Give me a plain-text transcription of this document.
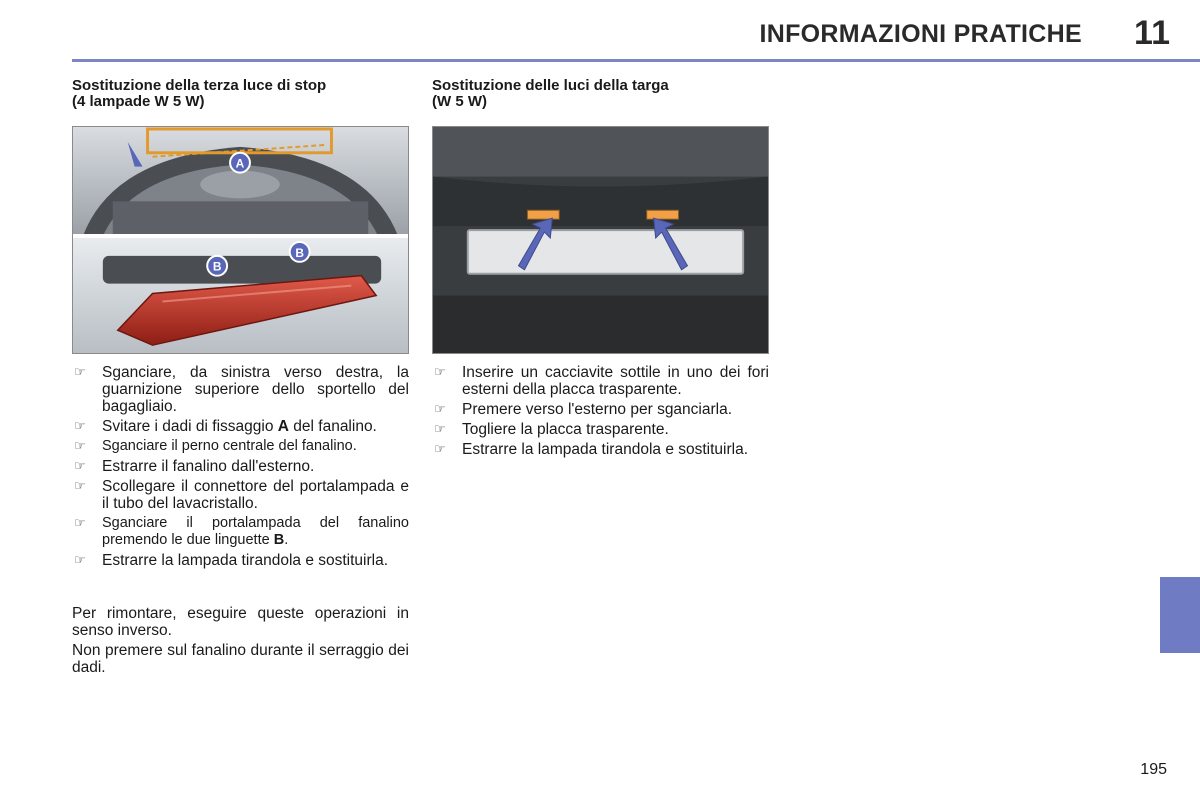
INFORMAZIONI PRATICHE 11

Sostituzione della terza luce di stop
(4 lampade W 5 W)

Sostituzione delle luci della targa
(W 5 W)

A
B
B
☞ Sganciare, da sinistra verso destra, la guarnizione superiore dello sportello del bagagliaio.
☞ Svitare i dadi di fissaggio A del fanalino.
☞ Sganciare il perno centrale del fanalino.
☞ Estrarre il fanalino dall'esterno.
☞ Scollegare il connettore del portalampada e il tubo del lavacristallo.
☞ Sganciare il portalampada del fanalino premendo le due linguette B.
☞ Estrarre la lampada tirandola e sostituirla.

Per rimontare, eseguire queste operazioni in senso inverso.

Non premere sul fanalino durante il serraggio dei dadi.

☞ Inserire un cacciavite sottile in uno dei fori esterni della placca trasparente.
☞ Premere verso l'esterno per sganciarla.
☞ Togliere la placca trasparente.
☞ Estrarre la lampada tirandola e sostituirla.
195
